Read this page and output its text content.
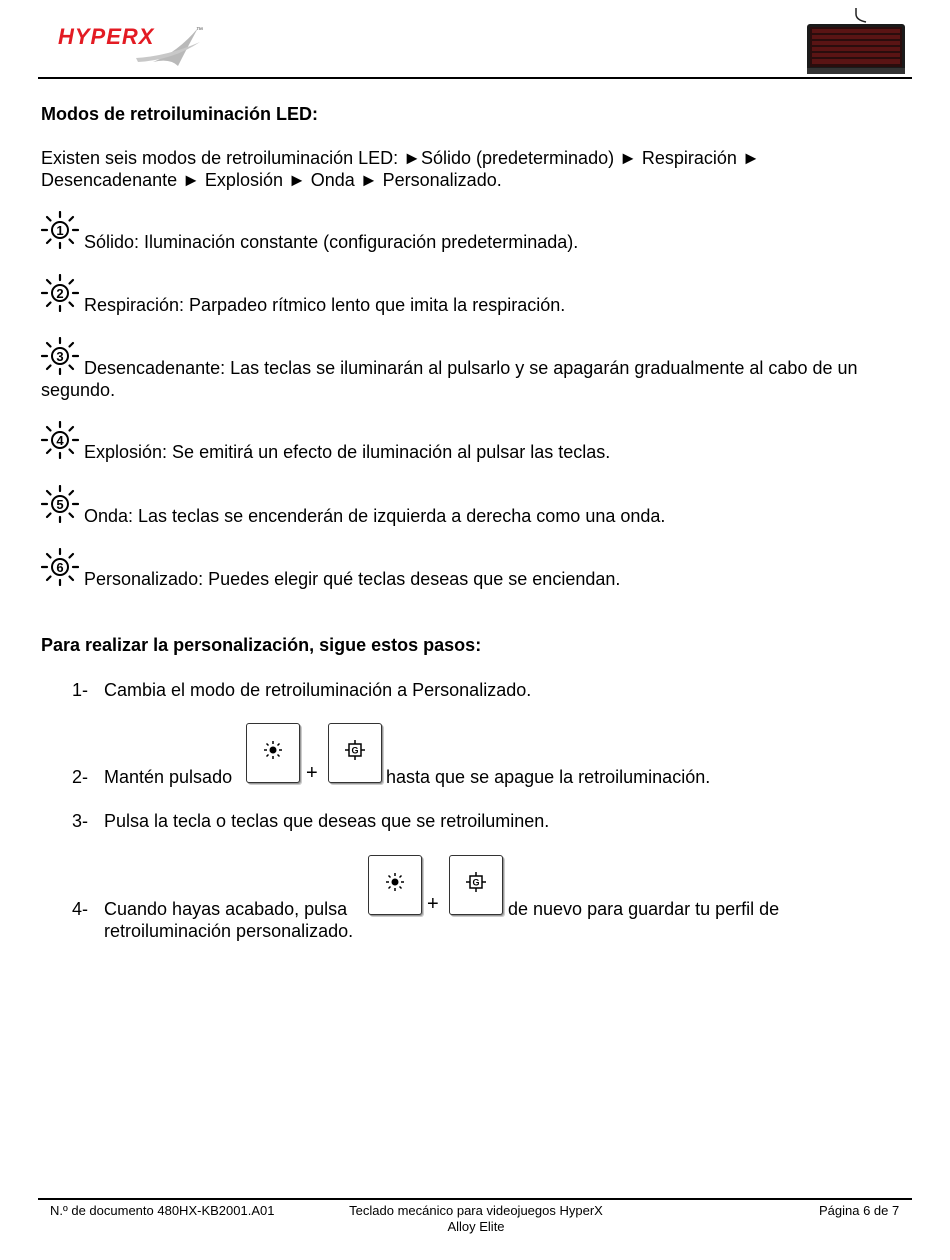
HYPERX	™

Modos de retroiluminación LED:

Existen seis modos de retroiluminación LED: ►Sólido (predeterminado) ► Respiración ►

Desencadenante ► Explosión ► Onda ► Personalizado.

1
Sólido: Iluminación constante (configuración predeterminada).
2
Respiración: Parpadeo rítmico lento que imita la respiración.
3
Desencadenante: Las teclas se iluminarán al pulsarlo y se apagarán gradualmente al cabo de un segundo.
4
Explosión: Se emitirá un efecto de iluminación al pulsar las teclas.
5
Onda: Las teclas se encenderán de izquierda a derecha como una onda.
6
Personalizado: Puedes elegir qué teclas deseas que se enciendan.

Para realizar la personalización, sigue estos pasos:

1- Cambia el modo de retroiluminación a Personalizado.
2- Mantén pulsado	+
G
hasta que se apague la retroiluminación.
3- Pulsa la tecla o teclas que deseas que se retroiluminen.
4- Cuando hayas acabado, pulsa	+
G
de nuevo para guardar tu perfil de
retroiluminación personalizado.
N.º de documento 480HX-KB2001.A01	Teclado mecánico para videojuegos HyperX
Alloy Elite
Página 6 de 7
